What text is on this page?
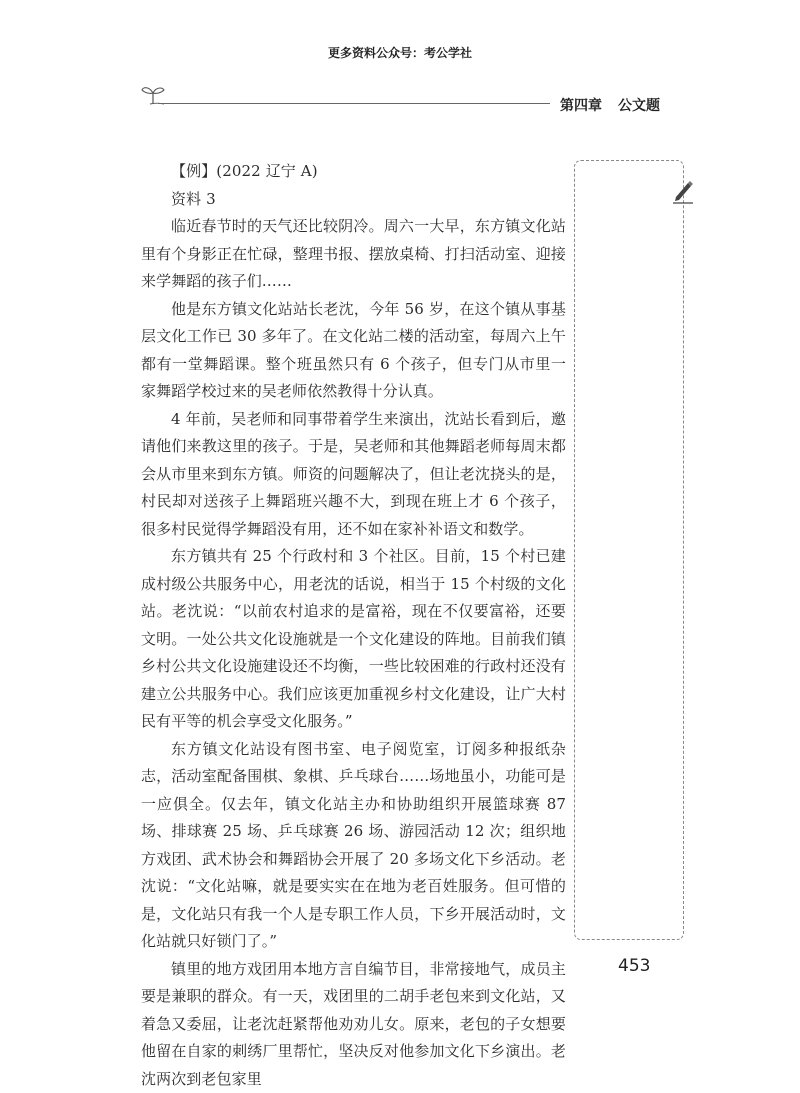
更多资料公众号：考公学社
第四章 公文题

【例】(2022 辽宁 A)

资料 3

临近春节时的天气还比较阴冷。周六一大早，东方镇文化站里有个身影正在忙碌，整理书报、摆放桌椅、打扫活动室、迎接来学舞蹈的孩子们……

他是东方镇文化站站长老沈，今年 56 岁，在这个镇从事基层文化工作已 30 多年了。在文化站二楼的活动室，每周六上午都有一堂舞蹈课。整个班虽然只有 6 个孩子，但专门从市里一家舞蹈学校过来的吴老师依然教得十分认真。

4 年前，吴老师和同事带着学生来演出，沈站长看到后，邀请他们来教这里的孩子。于是，吴老师和其他舞蹈老师每周末都会从市里来到东方镇。师资的问题解决了，但让老沈挠头的是，村民却对送孩子上舞蹈班兴趣不大，到现在班上才 6 个孩子，很多村民觉得学舞蹈没有用，还不如在家补补语文和数学。

东方镇共有 25 个行政村和 3 个社区。目前，15 个村已建成村级公共服务中心，用老沈的话说，相当于 15 个村级的文化站。老沈说：“以前农村追求的是富裕，现在不仅要富裕，还要文明。一处公共文化设施就是一个文化建设的阵地。目前我们镇乡村公共文化设施建设还不均衡，一些比较困难的行政村还没有建立公共服务中心。我们应该更加重视乡村文化建设，让广大村民有平等的机会享受文化服务。”

东方镇文化站设有图书室、电子阅览室，订阅多种报纸杂志，活动室配备围棋、象棋、乒乓球台……场地虽小，功能可是一应俱全。仅去年，镇文化站主办和协助组织开展篮球赛 87 场、排球赛 25 场、乒乓球赛 26 场、游园活动 12 次；组织地方戏团、武术协会和舞蹈协会开展了 20 多场文化下乡活动。老沈说：“文化站嘛，就是要实实在在地为老百姓服务。但可惜的是，文化站只有我一个人是专职工作人员，下乡开展活动时，文化站就只好锁门了。”

镇里的地方戏团用本地方言自编节目，非常接地气，成员主要是兼职的群众。有一天，戏团里的二胡手老包来到文化站，又着急又委屈，让老沈赶紧帮他劝劝儿女。原来，老包的子女想要他留在自家的刺绣厂里帮忙，坚决反对他参加文化下乡演出。老沈两次到老包家里

453
